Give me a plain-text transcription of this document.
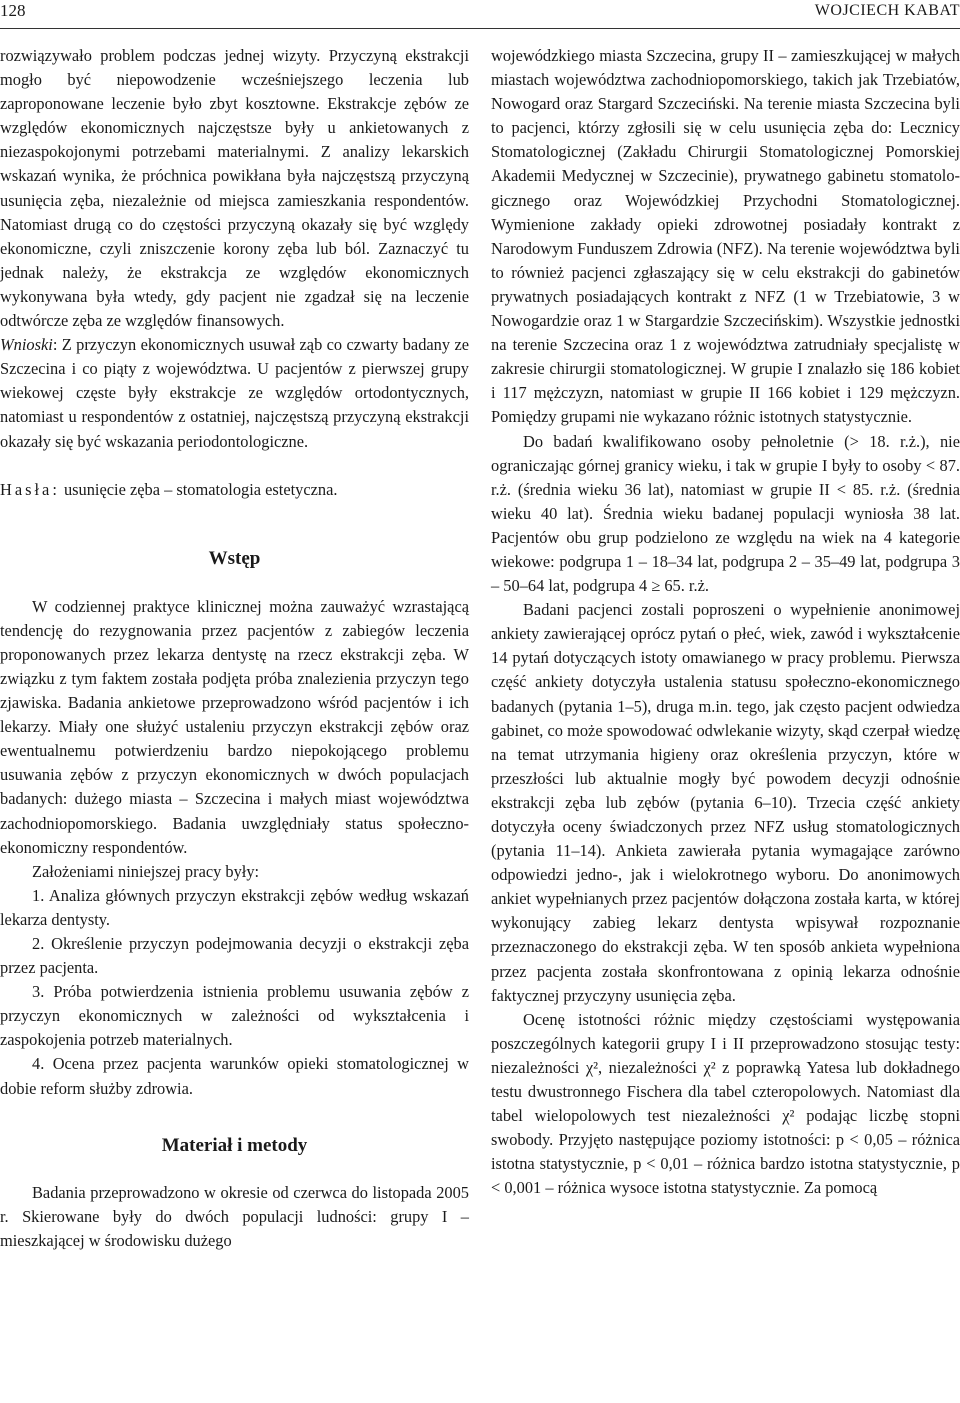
128	WOJCIECH KABAT

rozwiązywało problem podczas jednej wizyty. Przyczyną ekstrakcji mogło być niepowodzenie wcześniejszego leczenia lub zaproponowane leczenie było zbyt kosztowne. Ekstrakcje zębów ze względów ekonomicznych najczęstsze były u ankietowanych z niezaspokojonymi potrzebami materialnymi. Z analizy lekarskich wskazań wynika, że próchnica powikłana była najczęstszą przyczyną usunięcia zęba, niezależnie od miejsca zamieszkania respondentów. Natomiast drugą co do częstości przyczyną okazały się być względy ekonomiczne, czyli zniszczenie korony zęba lub ból. Zaznaczyć tu jednak należy, że ekstrakcja ze względów ekonomicznych wykonywana była wtedy, gdy pacjent nie zgadzał się na leczenie odtwórcze zęba ze względów finansowych.

Wnioski: Z przyczyn ekonomicznych usuwał ząb co czwarty badany ze Szczecina i co piąty z województwa. U pacjentów z pierwszej grupy wiekowej częste były ekstrakcje ze względów ortodontycznych, natomiast u respondentów z ostatniej, najczęstszą przyczyną ekstrakcji okazały się być wskazania periodontologiczne.

Hasła: usunięcie zęba – stomatologia estetyczna.

Wstęp

W codziennej praktyce klinicznej można zauważyć wzrastającą tendencję do rezygnowania przez pacjentów z zabiegów leczenia proponowanych przez lekarza dentystę na rzecz ekstrakcji zęba. W związku z tym faktem została podjęta próba znalezienia przyczyn tego zjawiska. Badania ankietowe przeprowadzono wśród pacjentów i ich lekarzy. Miały one służyć ustaleniu przyczyn ekstrakcji zębów oraz ewentualnemu potwierdzeniu bardzo niepokojącego problemu usuwania zębów z przyczyn ekonomicznych w dwóch populacjach badanych: dużego miasta – Szczecina i małych miast województwa zachodniopomorskiego. Badania uwzględniały status społeczno-ekonomiczny respondentów.

Założeniami niniejszej pracy były:

1. Analiza głównych przyczyn ekstrakcji zębów według wskazań lekarza dentysty.

2. Określenie przyczyn podejmowania decyzji o ekstrakcji zęba przez pacjenta.

3. Próba potwierdzenia istnienia problemu usuwania zębów z przyczyn ekonomicznych w zależności od wykształcenia i zaspokojenia potrzeb materialnych.

4. Ocena przez pacjenta warunków opieki stomatologicznej w dobie reform służby zdrowia.

Materiał i metody

Badania przeprowadzono w okresie od czerwca do listopada 2005 r. Skierowane były do dwóch populacji ludności: grupy I – mieszkającej w środowisku dużego

wojewódzkiego miasta Szczecina, grupy II – zamieszkującej w małych miastach województwa zachodniopomorskiego, takich jak Trzebiatów, Nowogard oraz Stargard Szczeciński. Na terenie miasta Szczecina byli to pacjenci, którzy zgłosili się w celu usunięcia zęba do: Lecznicy Stomatologicznej (Zakładu Chirurgii Stomatologicznej Pomorskiej Akademii Medycznej w Szczecinie), prywatnego gabinetu stomatologicznego oraz Wojewódzkiej Przychodni Stomatologicznej. Wymienione zakłady opieki zdrowotnej posiadały kontrakt z Narodowym Funduszem Zdrowia (NFZ). Na terenie województwa byli to również pacjenci zgłaszający się w celu ekstrakcji do gabinetów prywatnych posiadających kontrakt z NFZ (1 w Trzebiatowie, 3 w Nowogardzie oraz 1 w Stargardzie Szczecińskim). Wszystkie jednostki na terenie Szczecina oraz 1 z województwa zatrudniały specjalistę w zakresie chirurgii stomatologicznej. W grupie I znalazło się 186 kobiet i 117 mężczyzn, natomiast w grupie II 166 kobiet i 129 mężczyzn. Pomiędzy grupami nie wykazano różnic istotnych statystycznie.

Do badań kwalifikowano osoby pełnoletnie (> 18. r.ż.), nie ograniczając górnej granicy wieku, i tak w grupie I były to osoby < 87. r.ż. (średnia wieku 36 lat), natomiast w grupie II < 85. r.ż. (średnia wieku 40 lat). Średnia wieku badanej populacji wyniosła 38 lat. Pacjentów obu grup podzielono ze względu na wiek na 4 kategorie wiekowe: podgrupa 1 – 18–34 lat, podgrupa 2 – 35–49 lat, podgrupa 3 – 50–64 lat, podgrupa 4 ≥ 65. r.ż.

Badani pacjenci zostali poproszeni o wypełnienie anonimowej ankiety zawierającej oprócz pytań o płeć, wiek, zawód i wykształcenie 14 pytań dotyczących istoty omawianego w pracy problemu. Pierwsza część ankiety dotyczyła ustalenia statusu społeczno-ekonomicznego badanych (pytania 1–5), druga m.in. tego, jak często pacjent odwiedza gabinet, co może spowodować odwlekanie wizyty, skąd czerpał wiedzę na temat utrzymania higieny oraz określenia przyczyn, które w przeszłości lub aktualnie mogły być powodem decyzji odnośnie ekstrakcji zęba lub zębów (pytania 6–10). Trzecia część ankiety dotyczyła oceny świadczonych przez NFZ usług stomatologicznych (pytania 11–14). Ankieta zawierała pytania wymagające zarówno odpowiedzi jedno-, jak i wielokrotnego wyboru. Do anonimowych ankiet wypełnianych przez pacjentów dołączona została karta, w której wykonujący zabieg lekarz dentysta wpisywał rozpoznanie przeznaczonego do ekstrakcji zęba. W ten sposób ankieta wypełniona przez pacjenta została skonfrontowana z opinią lekarza odnośnie faktycznej przyczyny usunięcia zęba.

Ocenę istotności różnic między częstościami występowania poszczególnych kategorii grupy I i II przeprowadzono stosując testy: niezależności χ², niezależności χ² z poprawką Yatesa lub dokładnego testu dwustronnego Fischera dla tabel czteropolowych. Natomiast dla tabel wielopolowych test niezależności χ² podając liczbę stopni swobody. Przyjęto następujące poziomy istotności: p < 0,05 – różnica istotna statystycznie, p < 0,01 – różnica bardzo istotna statystycznie, p < 0,001 – różnica wysoce istotna statystycznie. Za pomocą
